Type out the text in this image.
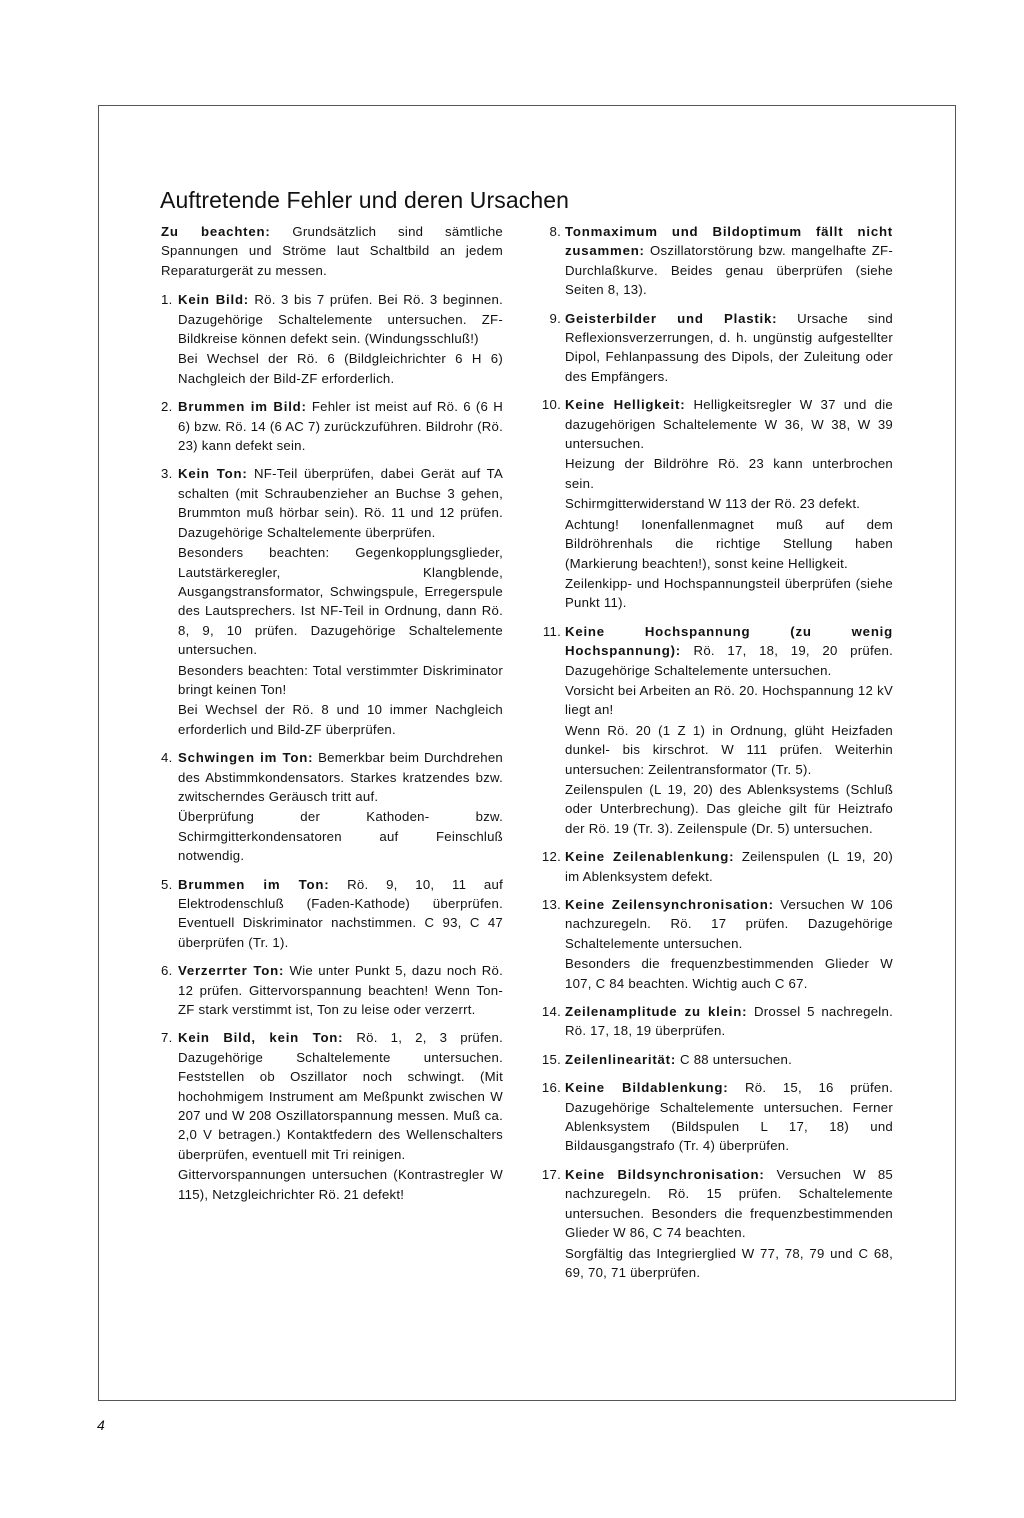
Auftretende Fehler und deren Ursachen
Zu beachten: Grundsätzlich sind sämtliche Spannungen und Ströme laut Schaltbild an jedem Reparaturgerät zu messen.
1. Kein Bild: Rö. 3 bis 7 prüfen. Bei Rö. 3 beginnen. Dazugehörige Schaltelemente untersuchen. ZF-Bildkreise können defekt sein. (Windungsschluß!)
Bei Wechsel der Rö. 6 (Bildgleichrichter 6 H 6) Nachgleich der Bild-ZF erforderlich.
2. Brummen im Bild: Fehler ist meist auf Rö. 6 (6 H 6) bzw. Rö. 14 (6 AC 7) zurückzuführen. Bildrohr (Rö. 23) kann defekt sein.
3. Kein Ton: NF-Teil überprüfen, dabei Gerät auf TA schalten (mit Schraubenzieher an Buchse 3 gehen, Brummton muß hörbar sein). Rö. 11 und 12 prüfen. Dazugehörige Schaltelemente überprüfen.
Besonders beachten: Gegenkopplungsglieder, Lautstärkeregler, Klangblende, Ausgangstransformator, Schwingspule, Erregerspule des Lautsprechers. Ist NF-Teil in Ordnung, dann Rö. 8, 9, 10 prüfen. Dazugehörige Schaltelemente untersuchen.
Besonders beachten: Total verstimmter Diskriminator bringt keinen Ton!
Bei Wechsel der Rö. 8 und 10 immer Nachgleich erforderlich und Bild-ZF überprüfen.
4. Schwingen im Ton: Bemerkbar beim Durchdrehen des Abstimmkondensators. Starkes kratzendes bzw. zwitscherndes Geräusch tritt auf.
Überprüfung der Kathoden- bzw. Schirmgitterkondensatoren auf Feinschluß notwendig.
5. Brummen im Ton: Rö. 9, 10, 11 auf Elektrodenschluß (Faden-Kathode) überprüfen. Eventuell Diskriminator nachstimmen. C 93, C 47 überprüfen (Tr. 1).
6. Verzerrter Ton: Wie unter Punkt 5, dazu noch Rö. 12 prüfen. Gittervorspannung beachten! Wenn Ton-ZF stark verstimmt ist, Ton zu leise oder verzerrt.
7. Kein Bild, kein Ton: Rö. 1, 2, 3 prüfen. Dazugehörige Schaltelemente untersuchen. Feststellen ob Oszillator noch schwingt. (Mit hochohmigem Instrument am Meßpunkt zwischen W 207 und W 208 Oszillatorspannung messen. Muß ca. 2,0 V betragen.) Kontaktfedern des Wellenschalters überprüfen, eventuell mit Tri reinigen.
Gittervorspannungen untersuchen (Kontrastregler W 115), Netzgleichrichter Rö. 21 defekt!
8. Tonmaximum und Bildoptimum fällt nicht zusammen: Oszillatorstörung bzw. mangelhafte ZF-Durchlaßkurve. Beides genau überprüfen (siehe Seiten 8, 13).
9. Geisterbilder und Plastik: Ursache sind Reflexionsverzerrungen, d. h. ungünstig aufgestellter Dipol, Fehlanpassung des Dipols, der Zuleitung oder des Empfängers.
10. Keine Helligkeit: Helligkeitsregler W 37 und die dazugehörigen Schaltelemente W 36, W 38, W 39 untersuchen.
Heizung der Bildröhre Rö. 23 kann unterbrochen sein.
Schirmgitterwiderstand W 113 der Rö. 23 defekt.
Achtung! Ionenfallenmagnet muß auf dem Bildröhrenhals die richtige Stellung haben (Markierung beachten!), sonst keine Helligkeit.
Zeilenkipp- und Hochspannungsteil überprüfen (siehe Punkt 11).
11. Keine Hochspannung (zu wenig Hochspannung): Rö. 17, 18, 19, 20 prüfen. Dazugehörige Schaltelemente untersuchen.
Vorsicht bei Arbeiten an Rö. 20. Hochspannung 12 kV liegt an!
Wenn Rö. 20 (1 Z 1) in Ordnung, glüht Heizfaden dunkel- bis kirschrot. W 111 prüfen. Weiterhin untersuchen: Zeilentransformator (Tr. 5).
Zeilenspulen (L 19, 20) des Ablenksystems (Schluß oder Unterbrechung). Das gleiche gilt für Heiztrafo der Rö. 19 (Tr. 3). Zeilenspule (Dr. 5) untersuchen.
12. Keine Zeilenablenkung: Zeilenspulen (L 19, 20) im Ablenksystem defekt.
13. Keine Zeilensynchronisation: Versuchen W 106 nachzuregeln. Rö. 17 prüfen. Dazugehörige Schaltelemente untersuchen.
Besonders die frequenzbestimmenden Glieder W 107, C 84 beachten. Wichtig auch C 67.
14. Zeilenamplitude zu klein: Drossel 5 nachregeln. Rö. 17, 18, 19 überprüfen.
15. Zeilenlinearität: C 88 untersuchen.
16. Keine Bildablenkung: Rö. 15, 16 prüfen. Dazugehörige Schaltelemente untersuchen. Ferner Ablenksystem (Bildspulen L 17, 18) und Bildausgangstrafo (Tr. 4) überprüfen.
17. Keine Bildsynchronisation: Versuchen W 85 nachzuregeln. Rö. 15 prüfen. Schaltelemente untersuchen. Besonders die frequenzbestimmenden Glieder W 86, C 74 beachten.
Sorgfältig das Integrierglied W 77, 78, 79 und C 68, 69, 70, 71 überprüfen.
4
